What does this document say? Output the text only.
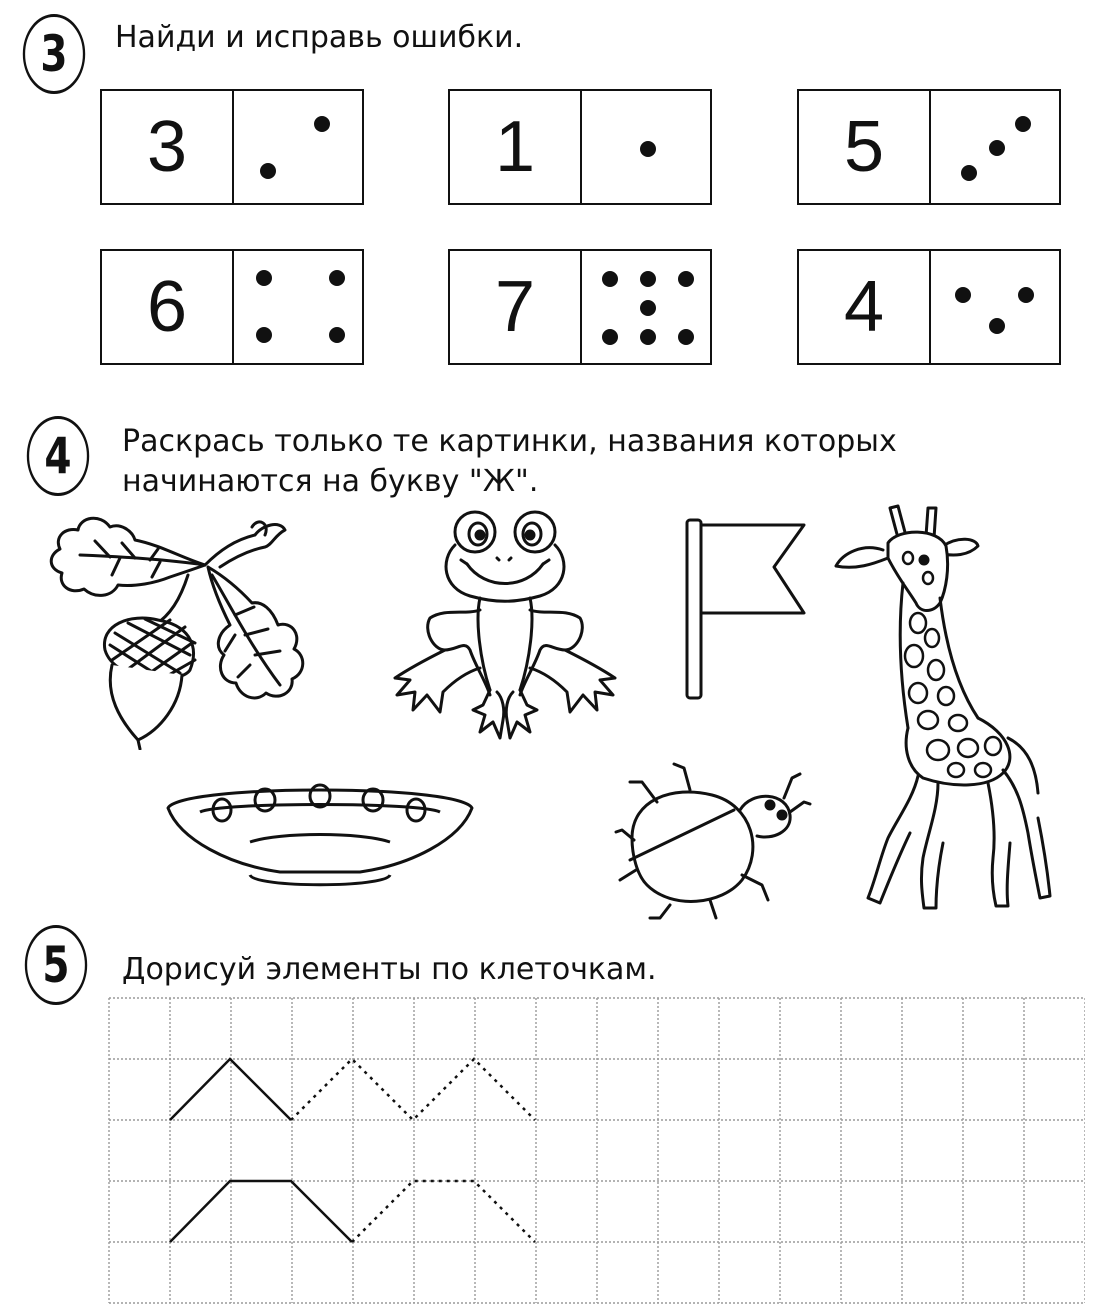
3	Найди и исправь ошибки.
3	1	5
6	7	4
4	Раскрась только те картинки, названия которых
начинаются на букву "Ж".
5	Дорисуй элементы по клеточкам.
